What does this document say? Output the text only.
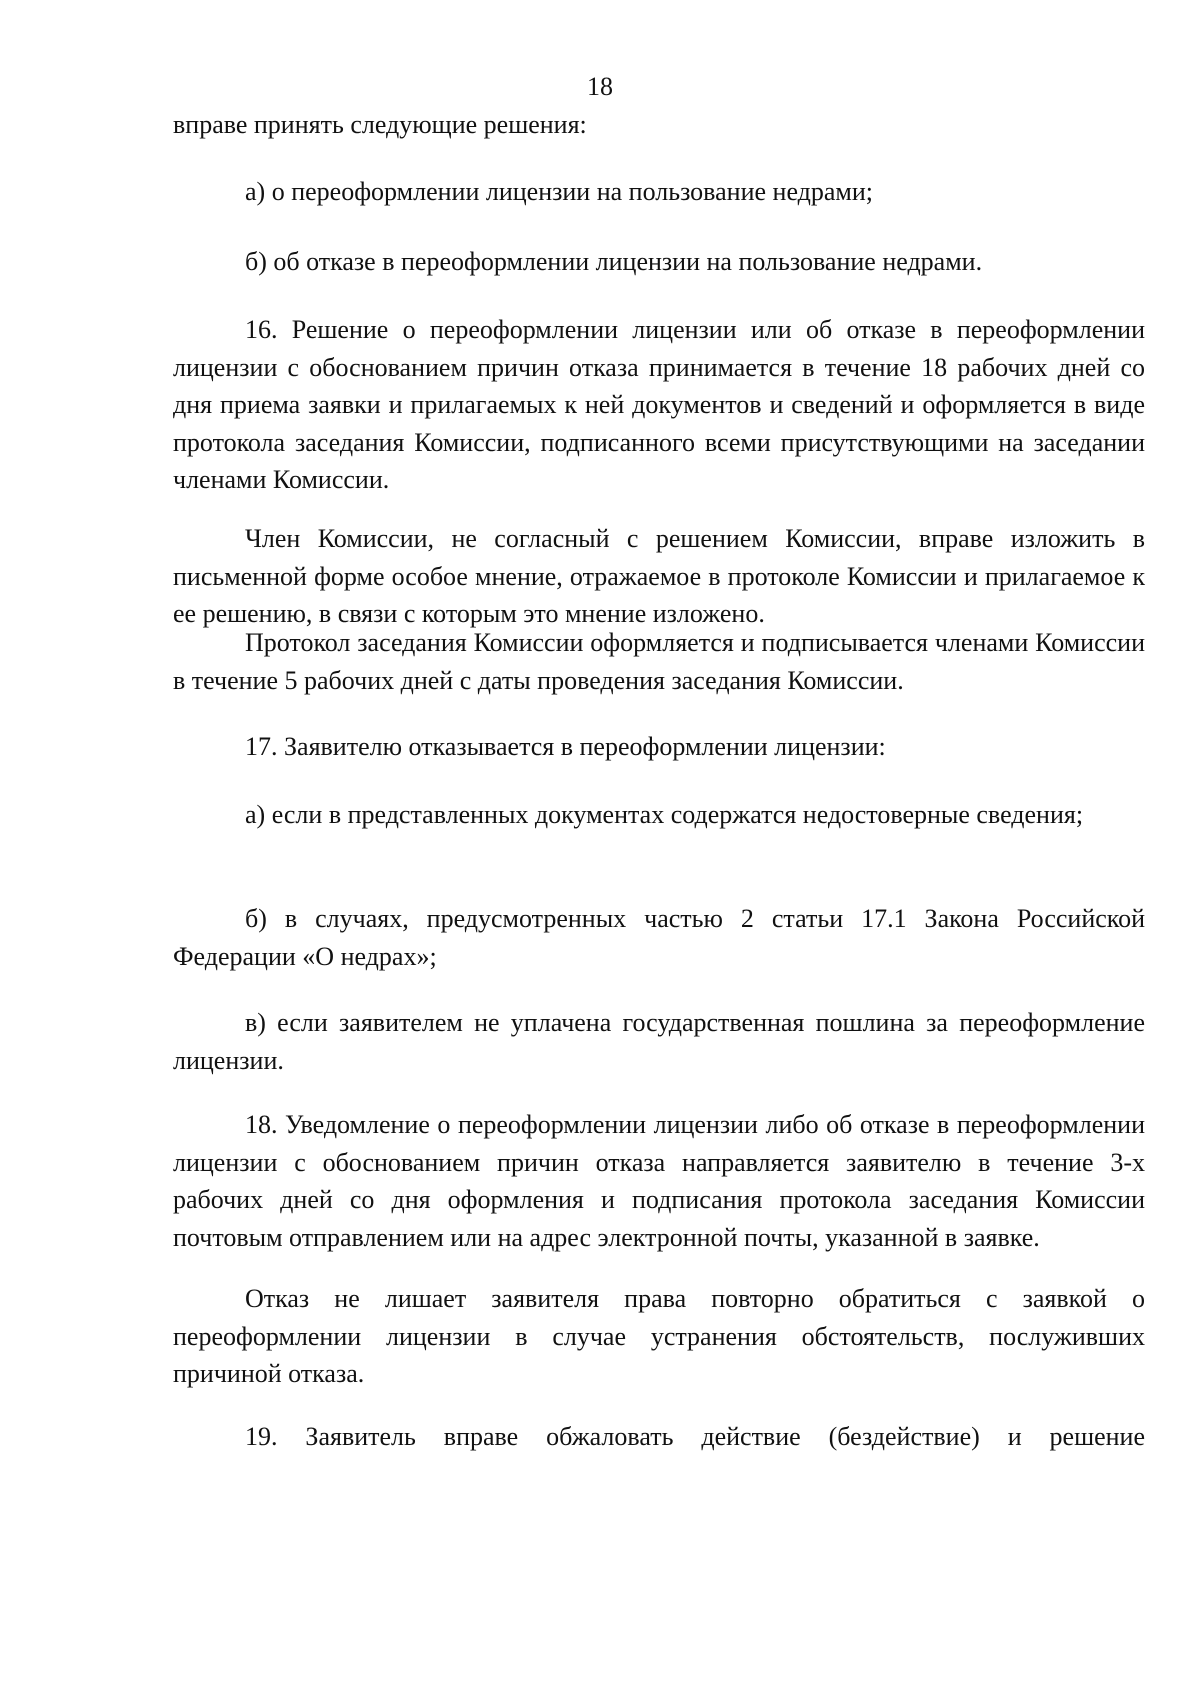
18

вправе принять следующие решения:

а) о переоформлении лицензии на пользование недрами;

б) об отказе в переоформлении лицензии на пользование недрами.

16. Решение о переоформлении лицензии или об отказе в переоформлении лицензии с обоснованием причин отказа принимается в течение 18 рабочих дней со дня приема заявки и прилагаемых к ней документов и сведений и оформляется в виде протокола заседания Комиссии, подписанного всеми присутствующими на заседании членами Комиссии.

Член Комиссии, не согласный с решением Комиссии, вправе изложить в письменной форме особое мнение, отражаемое в протоколе Комиссии и прилагаемое к ее решению, в связи с которым это мнение изложено.

Протокол заседания Комиссии оформляется и подписывается членами Комиссии в течение 5 рабочих дней с даты проведения заседания Комиссии.

17. Заявителю отказывается в переоформлении лицензии:

а) если в представленных документах содержатся недостоверные сведения;

б) в случаях, предусмотренных частью 2 статьи 17.1 Закона Российской Федерации «О недрах»;

в) если заявителем не уплачена государственная пошлина за переоформление лицензии.

18. Уведомление о переоформлении лицензии либо об отказе в переоформлении лицензии с обоснованием причин отказа направляется заявителю в течение 3-х рабочих дней со дня оформления и подписания протокола заседания Комиссии почтовым отправлением или на адрес электронной почты, указанной в заявке.

Отказ не лишает заявителя права повторно обратиться с заявкой о переоформлении лицензии в случае устранения обстоятельств, послуживших причиной отказа.

19. Заявитель вправе обжаловать действие (бездействие) и решение
